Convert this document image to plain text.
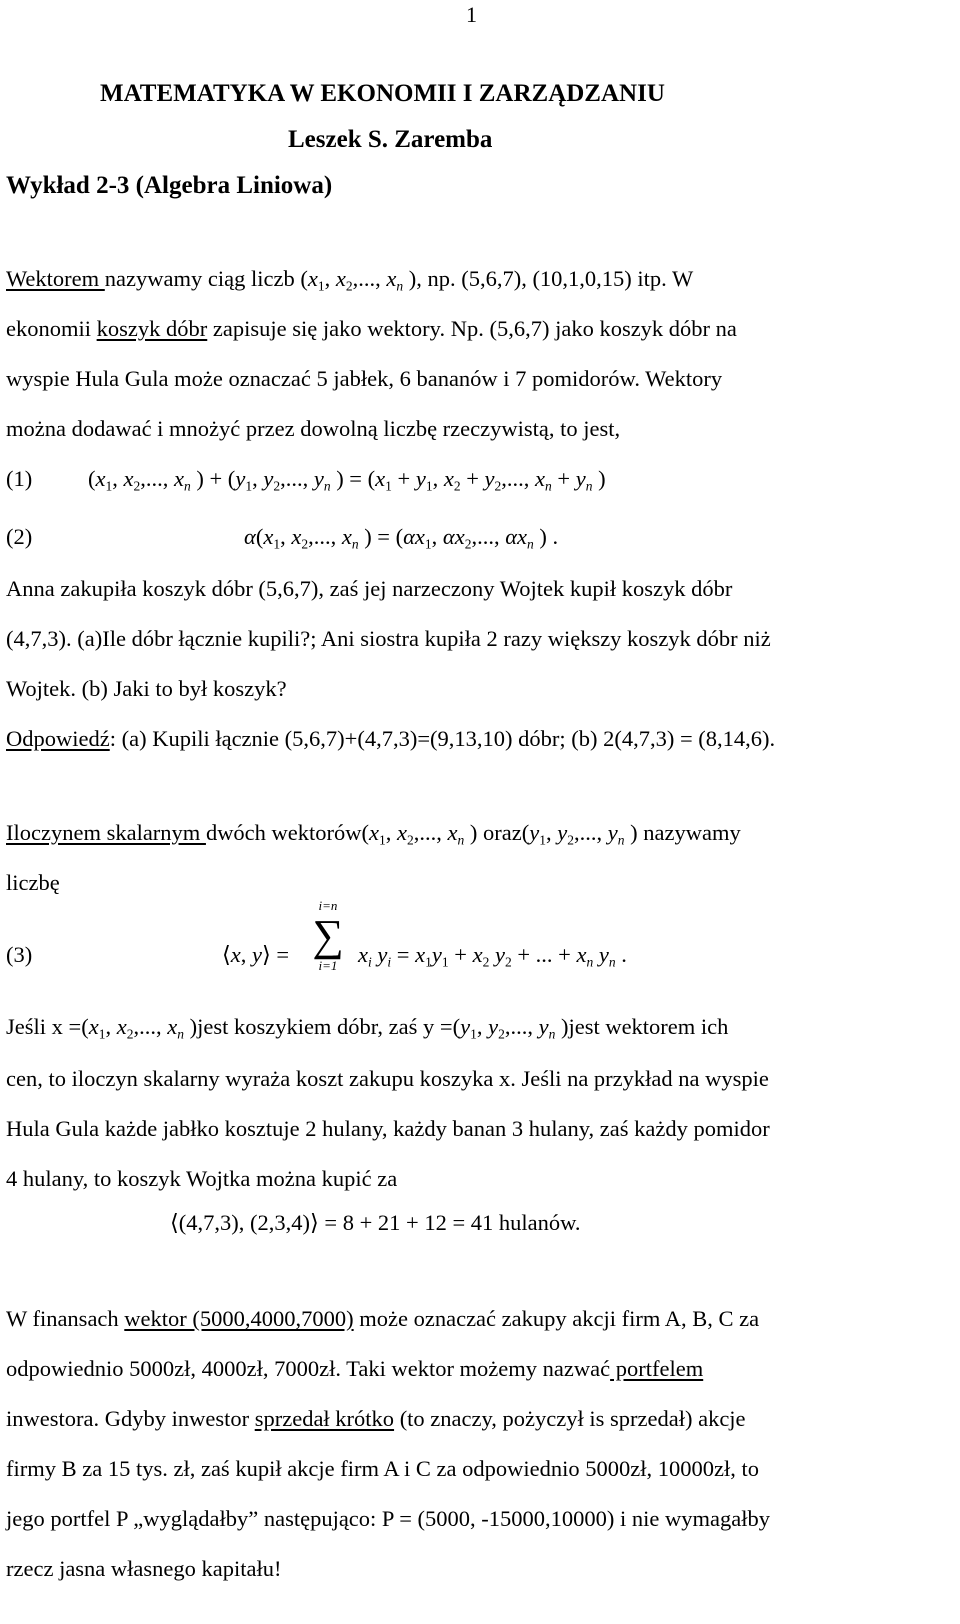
1
MATEMATYKA W EKONOMII I ZARZĄDZANIU
Leszek S. Zaremba
Wykład 2-3 (Algebra Liniowa)
Wektorem nazywamy ciąg liczb ($x_1$, $x_2$,..., $x_n$ ), np. (5,6,7), (10,1,0,15) itp. W
ekonomii koszyk dóbr zapisuje się jako wektory. Np. (5,6,7) jako koszyk dóbr na
wyspie Hula Gula może oznaczać 5 jabłek, 6 bananów i 7 pomidorów. Wektory
można dodawać i mnożyć przez dowolną liczbę rzeczywistą, to jest,
(1) ($x_1$, $x_2$,..., $x_n$ ) + ($y_1$, $y_2$,..., $y_n$ ) = ($x_1 + y_1$, $x_2 + y_2$,..., $x_n + y_n$ )
(2)	$\alpha(x_1$, $x_2$,..., $x_n$ ) = ($\alpha x_1$, $\alpha x_2$,..., $\alpha x_n$ ) .
Anna zakupiła koszyk dóbr (5,6,7), zaś jej narzeczony Wojtek kupił koszyk dóbr
(4,7,3). (a)Ile dóbr łącznie kupili?; Ani siostra kupiła 2 razy większy koszyk dóbr niż
Wojtek. (b) Jaki to był koszyk?
Odpowiedź: (a) Kupili łącznie (5,6,7)+(4,7,3)=(9,13,10) dóbr; (b) 2(4,7,3) = (8,14,6).
Iloczynem skalarnym dwóch $wektorów(x_1$, $x_2$,..., $x_n$ ) $oraz(y_1$, $y_2$,..., $y_n$ ) nazywamy
liczbę
(3)	⟨x, y⟩ =
i=n
∑
i=1 $x_i$ $y_i = x_1y_1 + x_2$ $y_2$ + ... + $x_n$ $y_n$ .
Jeśli $x =(x_1$, $x_2$,..., $x_n$ )jest koszykiem dóbr, zaś $y =(y_1$, $y_2$,..., $y_n$ )jest wektorem ich
cen, to iloczyn skalarny wyraża koszt zakupu koszyka x. Jeśli na przykład na wyspie
Hula Gula każde jabłko kosztuje 2 hulany, każdy banan 3 hulany, zaś każdy pomidor
4 hulany, to koszyk Wojtka można kupić za
⟨(4,7,3), (2,3,4)⟩ = 8 + 21 + 12 = 41 hulanów.
W finansach wektor (5000,4000,7000) może oznaczać zakupy akcji firm A, B, C za
odpowiednio 5000zł, 4000zł, 7000zł. Taki wektor możemy nazwać portfelem
inwestora. Gdyby inwestor sprzedał krótko (to znaczy, pożyczył is sprzedał) akcje
firmy B za 15 tys. zł, zaś kupił akcje firm A i C za odpowiednio 5000zł, 10000zł, to
jego portfel P „wyglądałby” następująco: P = (5000, -15000,10000) i nie wymagałby
rzecz jasna własnego kapitału!
